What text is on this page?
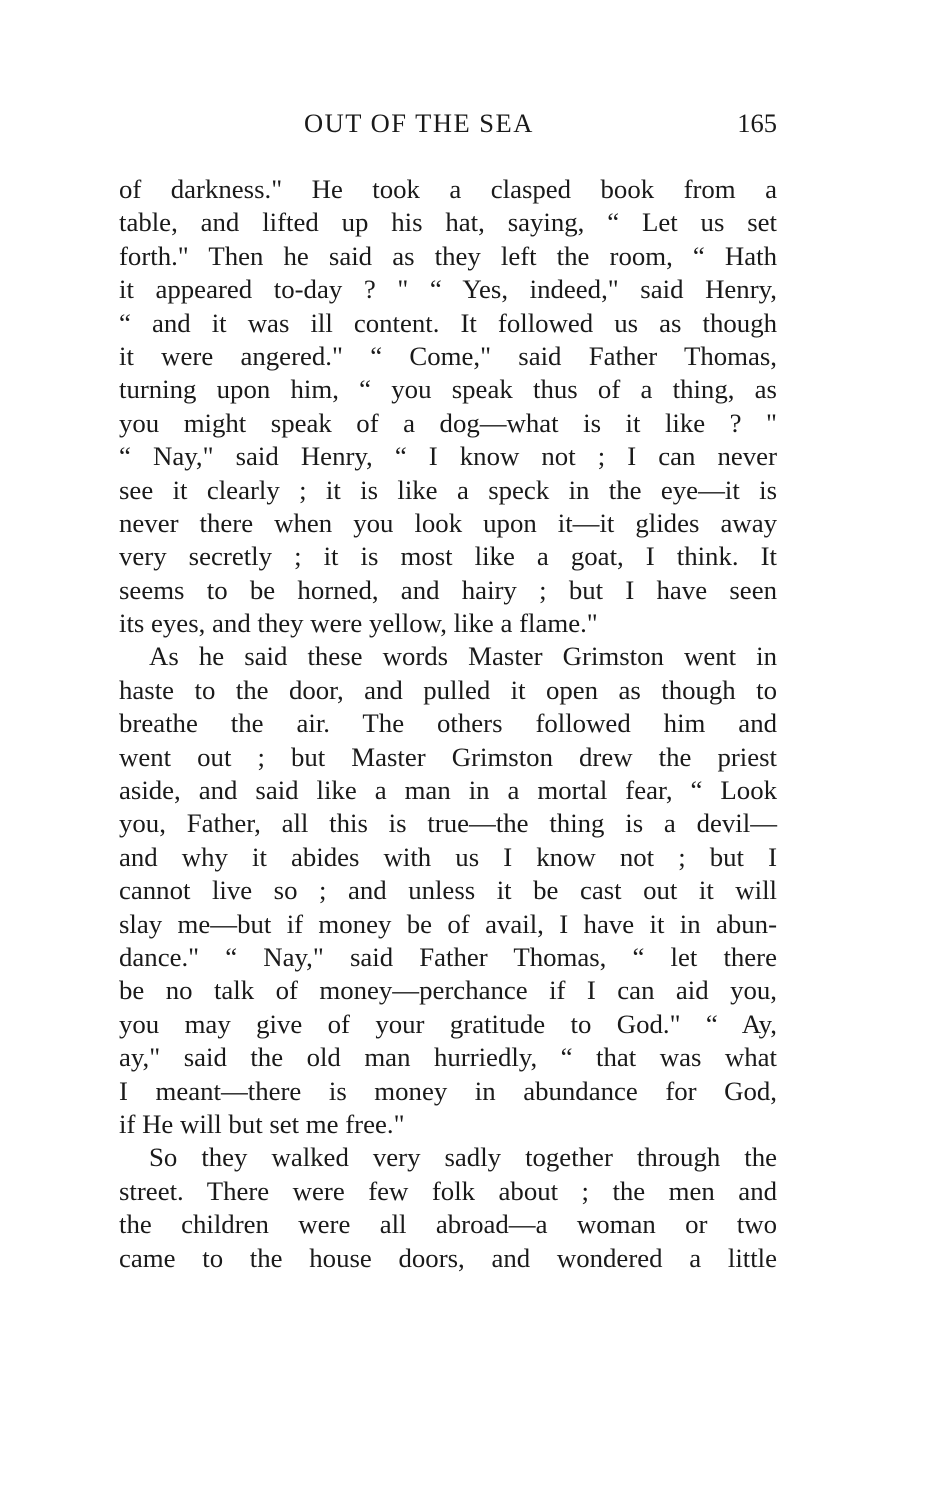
OUT OF THE SEA	165
of darkness." He took a clasped book from a
table, and lifted up his hat, saying, “ Let us set
forth." Then he said as they left the room, “ Hath
it appeared to-day ? " “ Yes, indeed," said Henry,
“ and it was ill content. It followed us as though
it were angered." “ Come," said Father Thomas,
turning upon him, “ you speak thus of a thing, as
you might speak of a dog—what is it like ? "
“ Nay," said Henry, “ I know not ; I can never
see it clearly ; it is like a speck in the eye—it is
never there when you look upon it—it glides away
very secretly ; it is most like a goat, I think. It
seems to be horned, and hairy ; but I have seen
its eyes, and they were yellow, like a flame."
As he said these words Master Grimston went in
haste to the door, and pulled it open as though to
breathe the air. The others followed him and
went out ; but Master Grimston drew the priest
aside, and said like a man in a mortal fear, “ Look
you, Father, all this is true—the thing is a devil—
and why it abides with us I know not ; but I
cannot live so ; and unless it be cast out it will
slay me—but if money be of avail, I have it in abun-
dance." “ Nay," said Father Thomas, “ let there
be no talk of money—perchance if I can aid you,
you may give of your gratitude to God." “ Ay,
ay," said the old man hurriedly, “ that was what
I meant—there is money in abundance for God,
if He will but set me free."
So they walked very sadly together through the
street. There were few folk about ; the men and
the children were all abroad—a woman or two
came to the house doors, and wondered a little
